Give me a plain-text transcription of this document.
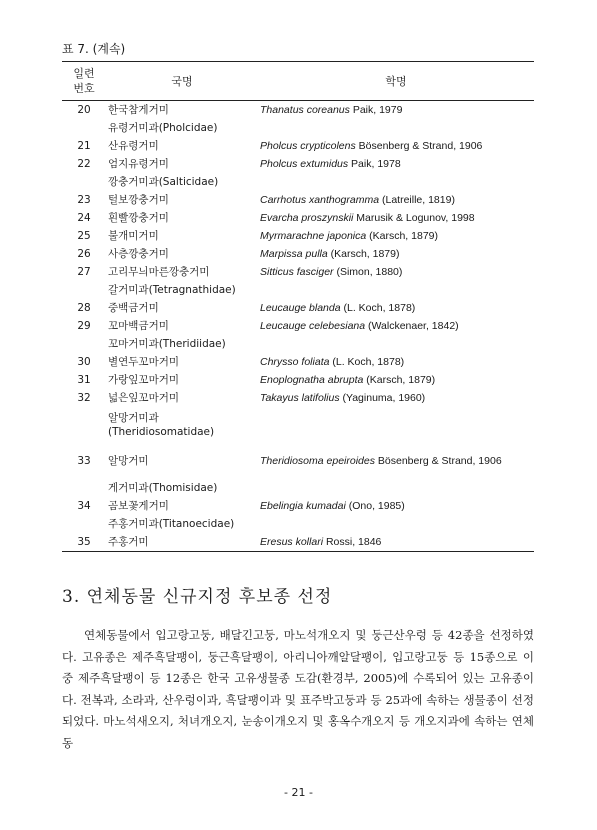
표 7. (계속)
일련
번호	국명	학명
20	한국참게거미	Thanatus coreanus Paik, 1979
	유령거미과(Pholcidae)	
21	산유령거미	Pholcus crypticolens Bösenberg & Strand, 1906
22	엄지유령거미	Pholcus extumidus Paik, 1978
	깡충거미과(Salticidae)	
23	털보깡충거미	Carrhotus xanthogramma (Latreille, 1819)
24	흰빨깡충거미	Evarcha proszynskii Marusik & Logunov, 1998
25	불개미거미	Myrmarachne japonica (Karsch, 1879)
26	사층깡충거미	Marpissa pulla (Karsch, 1879)
27	고리무늬마른깡충거미	Sitticus fasciger (Simon, 1880)
	갈거미과(Tetragnathidae)	
28	중백금거미	Leucauge blanda (L. Koch, 1878)
29	꼬마백금거미	Leucauge celebesiana (Walckenaer, 1842)
	꼬마거미과(Theridiidae)	
30	별연두꼬마거미	Chrysso foliata (L. Koch, 1878)
31	가랑잎꼬마거미	Enoplognatha abrupta (Karsch, 1879)
32	넓은잎꼬마거미	Takayus latifolius (Yaginuma, 1960)
	알망거미과
(Theridiosomatidae)	
33	알망거미	Theridiosoma epeiroides Bösenberg & Strand, 1906
	게거미과(Thomisidae)	
34	곰보꽃게거미	Ebelingia kumadai (Ono, 1985)
	주홍거미과(Titanoecidae)	
35	주홍거미	Eresus kollari Rossi, 1846
3. 연체동물 신규지정 후보종 선정

연체동물에서 입고랑고둥, 배달긴고둥, 마노석개오지 및 둥근산우렁 등 42종을 선정하였다. 고유종은 제주흑달팽이, 둥근흑달팽이, 아리니아깨알달팽이, 입고랑고둥 등 15종으로 이 중 제주흑달팽이 등 12종은 한국 고유생물종 도감(환경부, 2005)에 수록되어 있는 고유종이다. 전복과, 소라과, 산우렁이과, 흑달팽이과 및 표주박고둥과 등 25과에 속하는 생물종이 선정되었다. 마노석새오지, 처녀개오지, 눈송이개오지 및 홍옥수개오지 등 개오지과에 속하는 연체동

- 21 -
